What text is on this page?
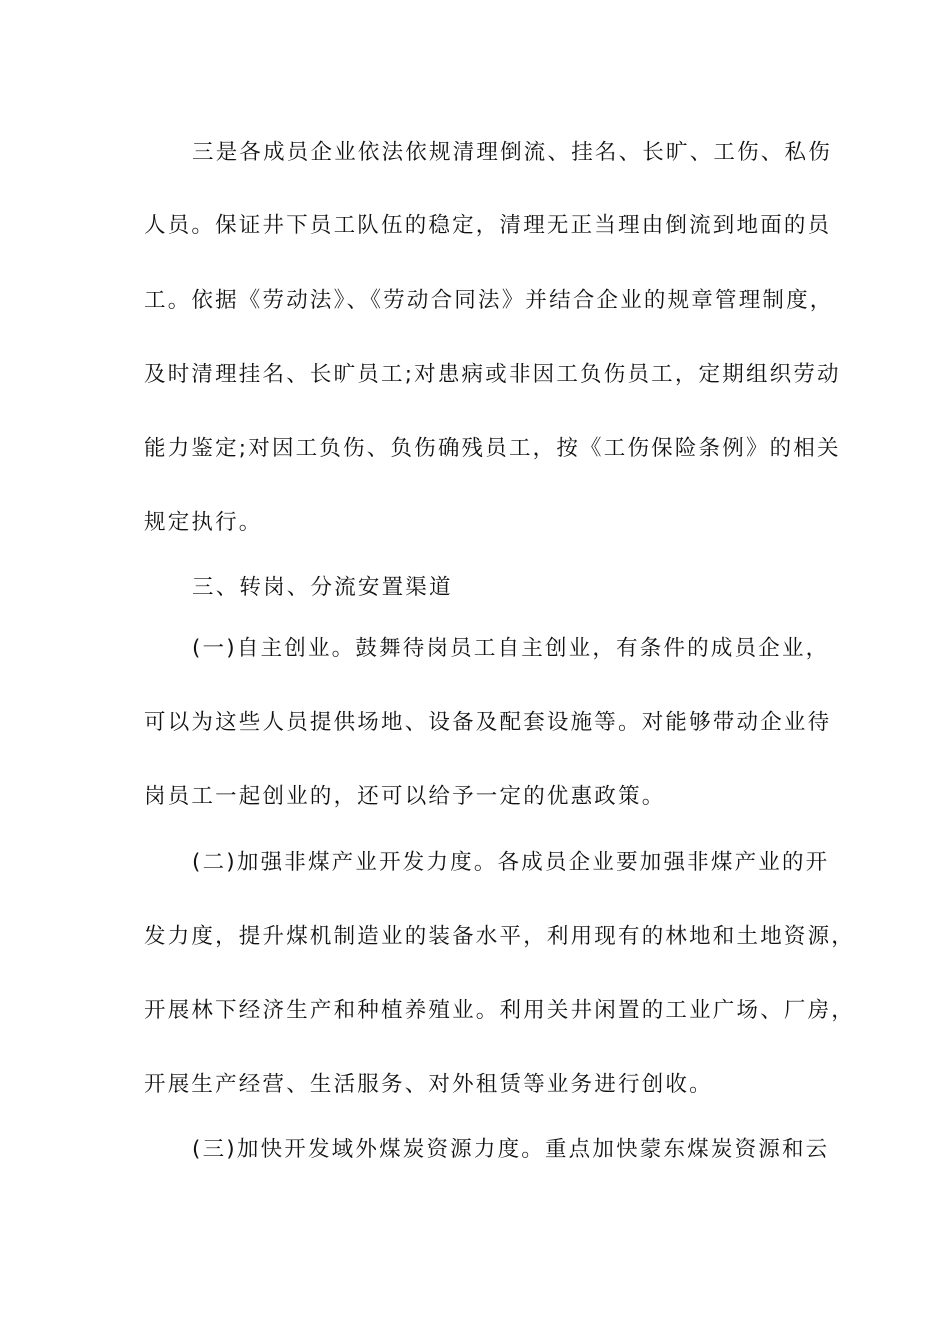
三是各成员企业依法依规清理倒流、挂名、长旷、工伤、私伤
人员。保证井下员工队伍的稳定，清理无正当理由倒流到地面的员
工。依据《劳动法》、《劳动合同法》并结合企业的规章管理制度，
及时清理挂名、长旷员工;对患病或非因工负伤员工，定期组织劳动
能力鉴定;对因工负伤、负伤确残员工，按《工伤保险条例》的相关
规定执行。
三、转岗、分流安置渠道
(一)自主创业。鼓舞待岗员工自主创业，有条件的成员企业，
可以为这些人员提供场地、设备及配套设施等。对能够带动企业待
岗员工一起创业的，还可以给予一定的优惠政策。
(二)加强非煤产业开发力度。各成员企业要加强非煤产业的开
发力度，提升煤机制造业的装备水平，利用现有的林地和土地资源，
开展林下经济生产和种植养殖业。利用关井闲置的工业广场、厂房，
开展生产经营、生活服务、对外租赁等业务进行创收。
(三)加快开发域外煤炭资源力度。重点加快蒙东煤炭资源和云
